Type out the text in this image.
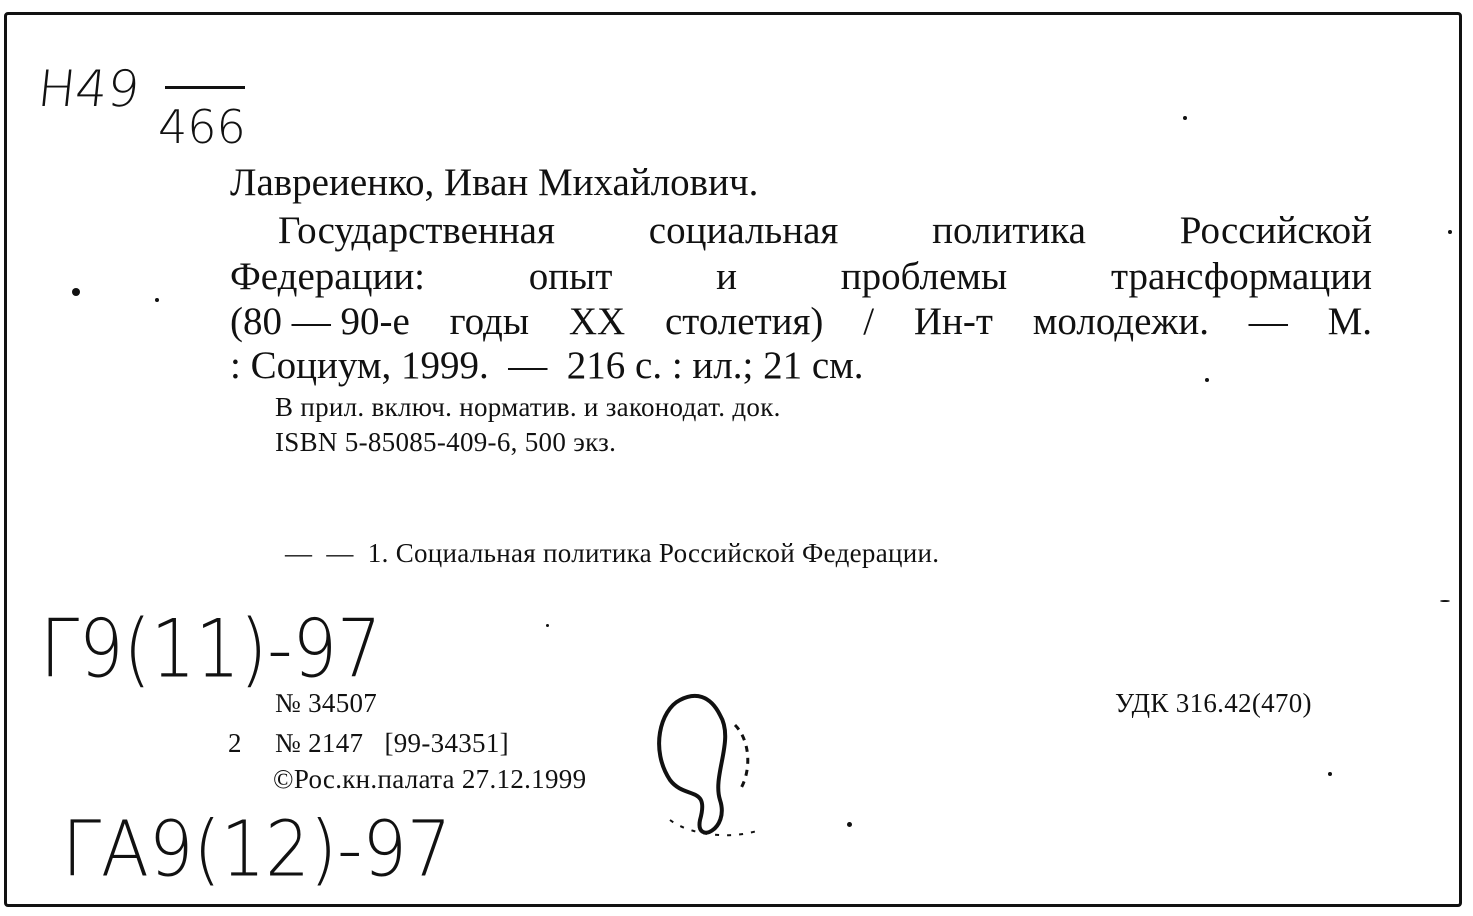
Н49
466
Лавреиенко, Иван Михайлович.
Государственная социальная политика Российской
Федерации:	опыт	и	проблемы	трансформации
(80 — 90-е годы XX столетия) / Ин-т молодежи. — М.
: Социум, 1999.  —  216 с. : ил.; 21 см.
В прил. включ. норматив. и законодат. док.
ISBN 5-85085-409-6, 500 экз.
—  —  1. Социальная политика Российской Федерации.
Г9(11)-97
ГА9(12)-97
№ 34507
2 № 2147   [99-34351]
©Рос.кн.палата 27.12.1999
УДК 316.42(470)
